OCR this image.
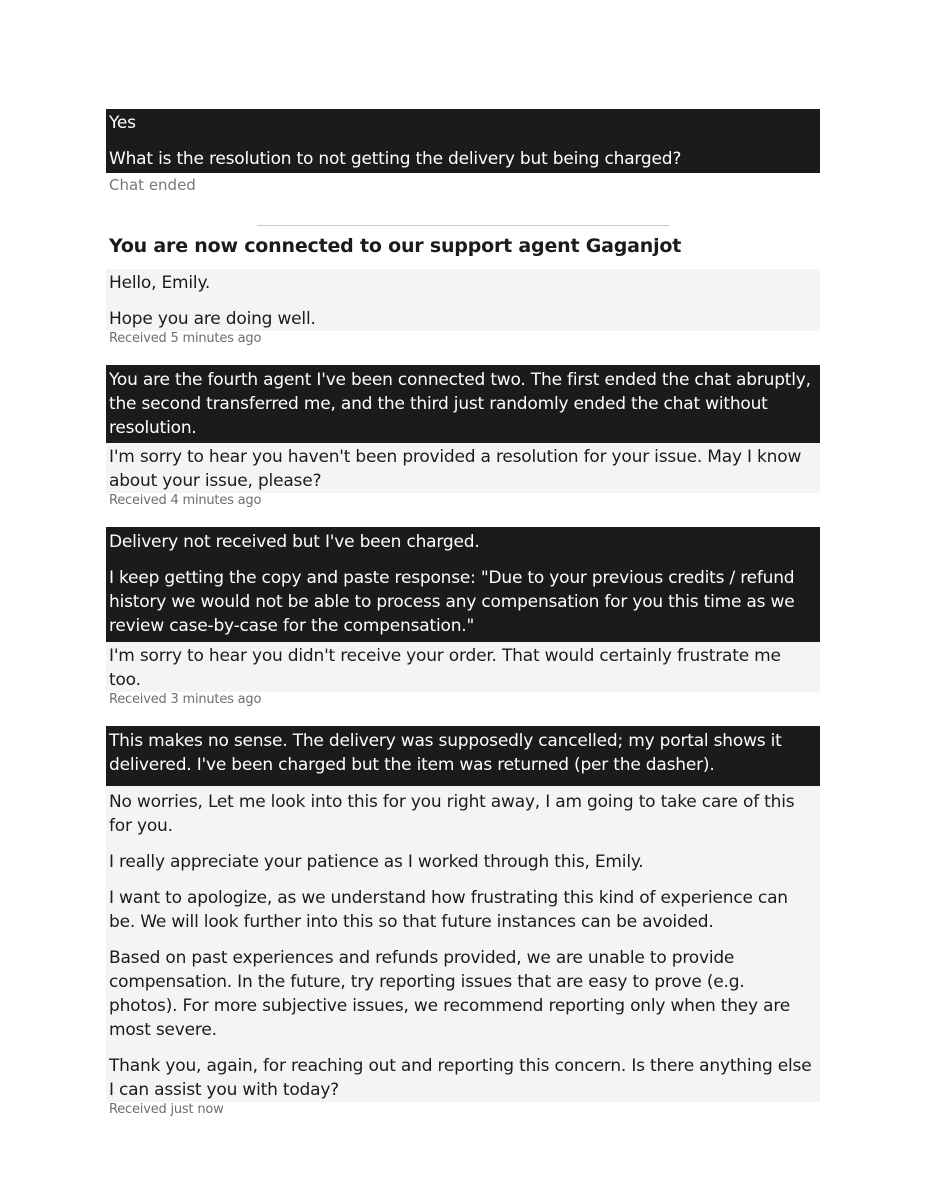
Yes

What is the resolution to not getting the delivery but being charged?

Chat ended
You are now connected to our support agent Gaganjot

Hello, Emily.

Hope you are doing well.

Received 5 minutes ago

You are the fourth agent I've been connected two. The first ended the chat abruptly, the second transferred me, and the third just randomly ended the chat without resolution.

I'm sorry to hear you haven't been provided a resolution for your issue. May I know about your issue, please?

Received 4 minutes ago

Delivery not received but I've been charged.

I keep getting the copy and paste response: "Due to your previous credits / refund history we would not be able to process any compensation for you this time as we review case-by-case for the compensation."

I'm sorry to hear you didn't receive your order. That would certainly frustrate me too.

Received 3 minutes ago

This makes no sense. The delivery was supposedly cancelled; my portal shows it delivered. I've been charged but the item was returned (per the dasher).

No worries, Let me look into this for you right away, I am going to take care of this for you.

I really appreciate your patience as I worked through this, Emily.

I want to apologize, as we understand how frustrating this kind of experience can be. We will look further into this so that future instances can be avoided.

Based on past experiences and refunds provided, we are unable to provide compensation. In the future, try reporting issues that are easy to prove (e.g. photos). For more subjective issues, we recommend reporting only when they are most severe.

Thank you, again, for reaching out and reporting this concern. Is there anything else I can assist you with today?

Received just now
